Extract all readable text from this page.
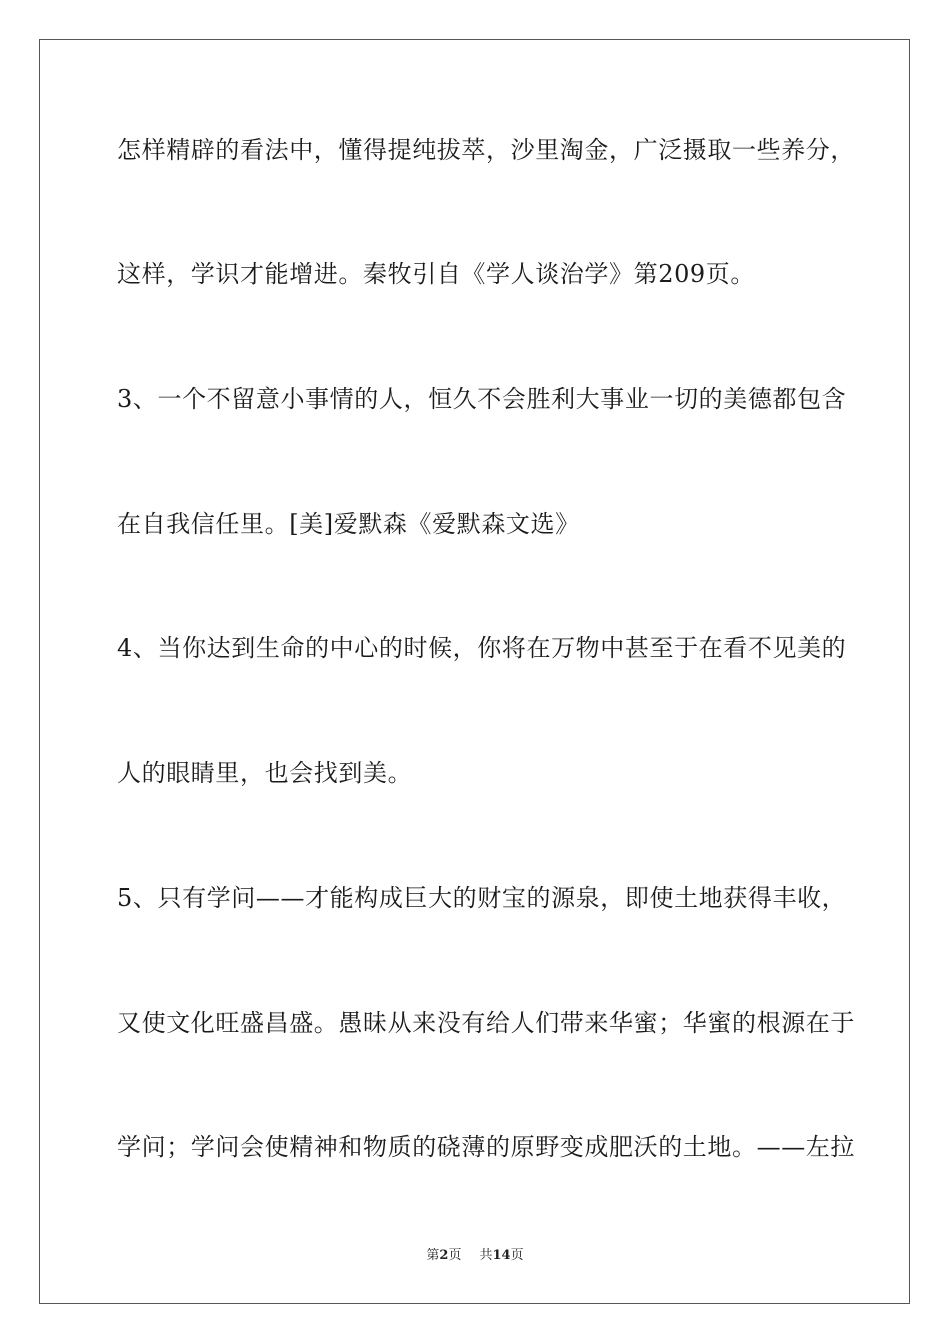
怎样精辟的看法中，懂得提纯拔萃，沙里淘金，广泛摄取一些养分，
这样，学识才能增进。秦牧引自《学人谈治学》第209页。
3、一个不留意小事情的人，恒久不会胜利大事业一切的美德都包含
在自我信任里。[美]爱默森《爱默森文选》
4、当你达到生命的中心的时候，你将在万物中甚至于在看不见美的
人的眼睛里，也会找到美。
5、只有学问——才能构成巨大的财宝的源泉，即使土地获得丰收，
又使文化旺盛昌盛。愚昧从来没有给人们带来华蜜；华蜜的根源在于
学问；学问会使精神和物质的硗薄的原野变成肥沃的土地。——左拉
第2页 共14页
